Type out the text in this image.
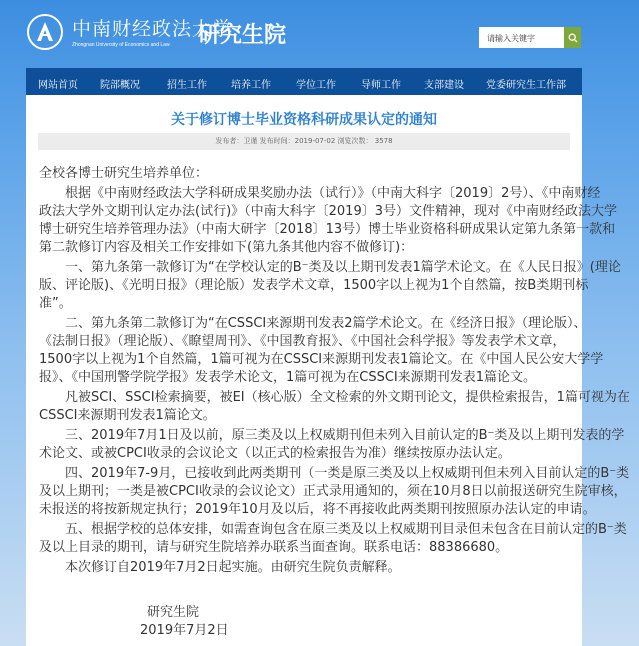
中南财经政法大学
Zhongnan University of Economics and Law 研究生院	请输入关键字
网站首页 院部概况	招生工作 培养工作	学位工作	导师工作 支部建设 党委研究生工作部
关于修订博士毕业资格科研成果认定的通知
发布者：卫谨 发布时间：2019-07-02 浏览次数： 3578
全校各博士研究生培养单位：
根据《中南财经政法大学科研成果奖励办法（试行）》（中南大科字〔2019〕2号）、《中南财经
政法大学外文期刊认定办法(试行)》（中南大科字〔2019〕3号）文件精神，现对《中南财经政法大学
博士研究生培养管理办法》（中南大研字〔2018〕13号）博士毕业资格科研成果认定第九条第一款和
第二款修订内容及相关工作安排如下(第九条其他内容不做修订)：
一、第九条第一款修订为“在学校认定的B⁻类及以上期刊发表1篇学术论文。在《人民日报》(理论
版、评论版)、《光明日报》（理论版）发表学术文章，1500字以上视为1个自然篇，按B类期刊标
准”。
二、第九条第二款修订为“在CSSCI来源期刊发表2篇学术论文。在《经济日报》（理论版）、
《法制日报》（理论版）、《瞭望周刊》、《中国教育报》、《中国社会科学报》等发表学术文章，
1500字以上视为1个自然篇，1篇可视为在CSSCI来源期刊发表1篇论文。在《中国人民公安大学学
报》、《中国刑警学院学报》发表学术论文，1篇可视为在CSSCI来源期刊发表1篇论文。
凡被SCI、SSCI检索摘要，被EI（核心版）全文检索的外文期刊论文，提供检索报告，1篇可视为在
CSSCI来源期刊发表1篇论文。
三、2019年7月1日及以前，原三类及以上权威期刊但未列入目前认定的B⁻类及以上期刊发表的学
术论文、或被CPCI收录的会议论文（以正式的检索报告为准）继续按原办法认定。
四、2019年7-9月，已接收到此两类期刊（一类是原三类及以上权威期刊但未列入目前认定的B⁻类
及以上期刊；一类是被CPCI收录的会议论文）正式录用通知的，须在10月8日以前报送研究生院审核，
未报送的将按新规定执行；2019年10月及以后，将不再接收此两类期刊按照原办法认定的申请。
五、根据学校的总体安排，如需查询包含在原三类及以上权威期刊目录但未包含在目前认定的B⁻类
及以上目录的期刊，请与研究生院培养办联系当面查询。联系电话：88386680。
本次修订自2019年7月2日起实施。由研究生院负责解释。
研究生院
2019年7月2日
